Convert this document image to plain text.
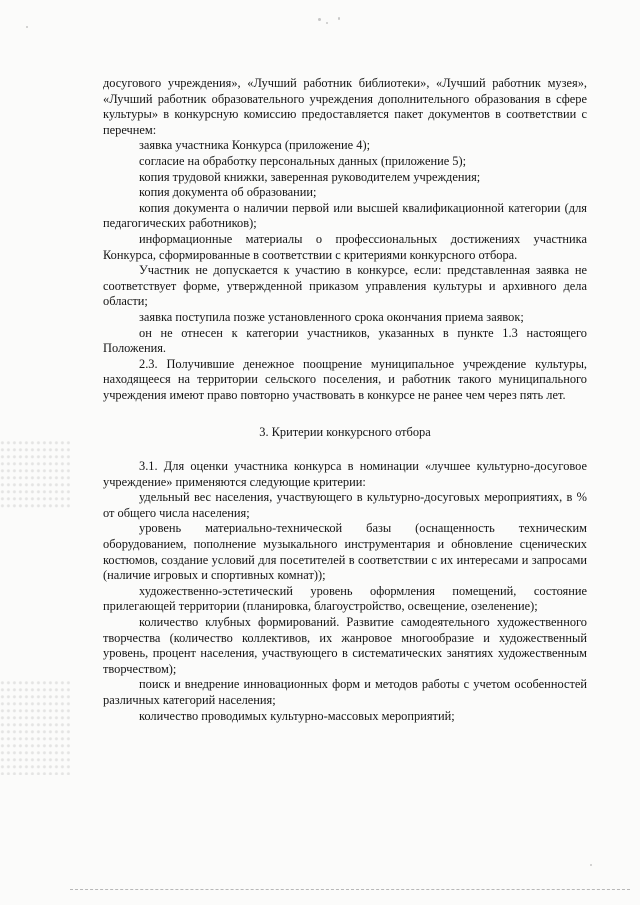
досугового учреждения», «Лучший работник библиотеки», «Лучший работник музея», «Лучший работник образовательного учреждения дополнительного образования в сфере культуры» в конкурсную комиссию предоставляется пакет документов в соответствии с перечнем:

заявка участника Конкурса (приложение 4);

согласие на обработку персональных данных (приложение 5);

копия трудовой книжки, заверенная руководителем учреждения;

копия документа об образовании;

копия документа о наличии первой или высшей квалификационной категории (для педагогических работников);

информационные материалы о профессиональных достижениях участника Конкурса, сформированные в соответствии с критериями конкурсного отбора.

Участник не допускается к участию в конкурсе, если: представленная заявка не соответствует форме, утвержденной приказом управления культуры и архивного дела области;

заявка поступила позже установленного срока окончания приема заявок;

он не отнесен к категории участников, указанных в пункте 1.3 настоящего Положения.

2.3. Получившие денежное поощрение муниципальное учреждение культуры, находящееся на территории сельского поселения, и работник такого муниципального учреждения имеют право повторно участвовать в конкурсе не ранее чем через пять лет.

3. Критерии конкурсного отбора

3.1. Для оценки участника конкурса в номинации «лучшее культурно-досуговое учреждение» применяются следующие критерии:

удельный вес населения, участвующего в культурно-досуговых мероприятиях, в % от общего числа населения;

уровень материально-технической базы (оснащенность техническим оборудованием, пополнение музыкального инструментария и обновление сценических костюмов, создание условий для посетителей в соответствии с их интересами и запросами (наличие игровых и спортивных комнат));

художественно-эстетический уровень оформления помещений, состояние прилегающей территории (планировка, благоустройство, освещение, озеленение);

количество клубных формирований. Развитие самодеятельного художественного творчества (количество коллективов, их жанровое многообразие и художественный уровень, процент населения, участвующего в систематических занятиях художественным творчеством);

поиск и внедрение инновационных форм и методов работы с учетом особенностей различных категорий населения;

количество проводимых культурно-массовых мероприятий;
